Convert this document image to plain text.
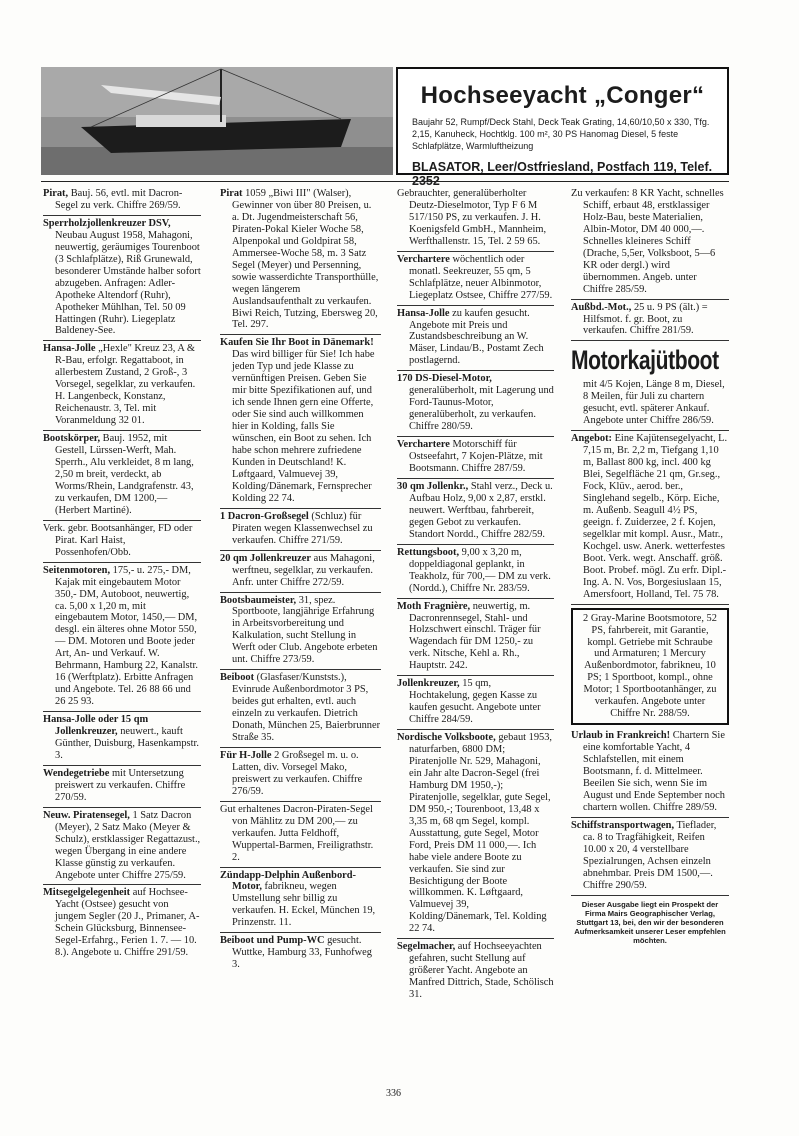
Hochseeyacht „Conger“
Baujahr 52, Rumpf/Deck Stahl, Deck Teak Grating, 14,60/10,50 x 330, Tfg. 2,15, Kanuheck, Hochtklg. 100 m², 30 PS Hanomag Diesel, 5 feste Schlafplätze, Warmluftheizung
BLASATOR, Leer/Ostfriesland, Postfach 119, Telef. 2352
Pirat, Bauj. 56, evtl. mit Dacron-Segel zu verk. Chiffre 269/59.
Sperrholzjollenkreuzer DSV, Neubau August 1958, Mahagoni, neuwertig, geräumiges Tourenboot (3 Schlafplätze), Riß Grunewald, besonderer Umstände halber sofort abzugeben. Anfragen: Adler-Apotheke Altendorf (Ruhr), Apotheker Mühlhan, Tel. 50 09 Hattingen (Ruhr). Liegeplatz Baldeney-See.
Hansa-Jolle „Hexle" Kreuz 23, A & R-Bau, erfolgr. Regattaboot, in allerbestem Zustand, 2 Groß-, 3 Vorsegel, segelklar, zu verkaufen. H. Langenbeck, Konstanz, Reichenaustr. 3, Tel. mit Voranmeldung 32 01.
Bootskörper, Bauj. 1952, mit Gestell, Lürssen-Werft, Mah. Sperrh., Alu verkleidet, 8 m lang, 2,50 m breit, verdeckt, ab Worms/Rhein, Landgrafenstr. 43, zu verkaufen, DM 1200,— (Herbert Martiné).
Verk. gebr. Bootsanhänger, FD oder Pirat. Karl Haist, Possenhofen/Obb.
Seitenmotoren, 175,- u. 275,- DM, Kajak mit eingebautem Motor 350,- DM, Autoboot, neuwertig, ca. 5,00 x 1,20 m, mit eingebautem Motor, 1450,— DM, desgl. ein älteres ohne Motor 550,— DM. Motoren und Boote jeder Art, An- und Verkauf. W. Behrmann, Hamburg 22, Kanalstr. 16 (Werftplatz). Erbitte Anfragen und Angebote. Tel. 26 88 66 und 26 25 93.
Hansa-Jolle oder 15 qm Jollenkreuzer, neuwert., kauft Günther, Duisburg, Hasenkampstr. 3.
Wendegetriebe mit Untersetzung preiswert zu verkaufen. Chiffre 270/59.
Neuw. Piratensegel, 1 Satz Dacron (Meyer), 2 Satz Mako (Meyer & Schulz), erstklassiger Regattazust., wegen Übergang in eine andere Klasse günstig zu verkaufen. Angebote unter Chiffre 275/59.
Mitsegelgelegenheit auf Hochsee-Yacht (Ostsee) gesucht von jungem Segler (20 J., Primaner, A-Schein Glücksburg, Binnensee-Segel-Erfahrg., Ferien 1. 7. — 10. 8.). Angebote u. Chiffre 291/59.
Pirat 1059 „Biwi III" (Walser), Gewinner von über 80 Preisen, u. a. Dt. Jugendmeisterschaft 56, Piraten-Pokal Kieler Woche 58, Alpenpokal und Goldpirat 58, Ammersee-Woche 58, m. 3 Satz Segel (Meyer) und Persenning, sowie wasserdichte Transporthülle, wegen längerem Auslandsaufenthalt zu verkaufen. Biwi Reich, Tutzing, Ebersweg 20, Tel. 297.
Kaufen Sie Ihr Boot in Dänemark! Das wird billiger für Sie! Ich habe jeden Typ und jede Klasse zu vernünftigen Preisen. Geben Sie mir bitte Spezifikationen auf, und ich sende Ihnen gern eine Offerte, oder Sie sind auch willkommen hier in Kolding, falls Sie wünschen, ein Boot zu sehen. Ich habe schon mehrere zufriedene Kunden in Deutschland! K. Løftgaard, Valmuevej 39, Kolding/Dänemark, Fernsprecher Kolding 22 74.
1 Dacron-Großsegel (Schluz) für Piraten wegen Klassenwechsel zu verkaufen. Chiffre 271/59.
20 qm Jollenkreuzer aus Mahagoni, werftneu, segelklar, zu verkaufen. Anfr. unter Chiffre 272/59.
Bootsbaumeister, 31, spez. Sportboote, langjährige Erfahrung in Arbeitsvorbereitung und Kalkulation, sucht Stellung in Werft oder Club. Angebote erbeten unt. Chiffre 273/59.
Beiboot (Glasfaser/Kunststs.), Evinrude Außenbordmotor 3 PS, beides gut erhalten, evtl. auch einzeln zu verkaufen. Dietrich Donath, München 25, Baierbrunner Straße 35.
Für H-Jolle 2 Großsegel m. u. o. Latten, div. Vorsegel Mako, preiswert zu verkaufen. Chiffre 276/59.
Gut erhaltenes Dacron-Piraten-Segel von Mählitz zu DM 200,— zu verkaufen. Jutta Feldhoff, Wuppertal-Barmen, Freiligrathstr. 2.
Zündapp-Delphin Außenbord-Motor, fabrikneu, wegen Umstellung sehr billig zu verkaufen. H. Eckel, München 19, Prinzenstr. 11.
Beiboot und Pump-WC gesucht. Wuttke, Hamburg 33, Funhofweg 3.
Gebrauchter, generalüberholter Deutz-Dieselmotor, Typ F 6 M 517/150 PS, zu verkaufen. J. H. Koenigsfeld GmbH., Mannheim, Werfthallenstr. 15, Tel. 2 59 65.
Verchartere wöchentlich oder monatl. Seekreuzer, 55 qm, 5 Schlafplätze, neuer Albinmotor, Liegeplatz Ostsee, Chiffre 277/59.
Hansa-Jolle zu kaufen gesucht. Angebote mit Preis und Zustandsbeschreibung an W. Mäser, Lindau/B., Postamt Zech postlagernd.
170 DS-Diesel-Motor, generalüberholt, mit Lagerung und Ford-Taunus-Motor, generalüberholt, zu verkaufen. Chiffre 280/59.
Verchartere Motorschiff für Ostseefahrt, 7 Kojen-Plätze, mit Bootsmann. Chiffre 287/59.
30 qm Jollenkr., Stahl verz., Deck u. Aufbau Holz, 9,00 x 2,87, erstkl. neuwert. Werftbau, fahrbereit, gegen Gebot zu verkaufen. Standort Nordd., Chiffre 282/59.
Rettungsboot, 9,00 x 3,20 m, doppeldiagonal geplankt, in Teakholz, für 700,— DM zu verk. (Nordd.), Chiffre Nr. 283/59.
Moth Fragnière, neuwertig, m. Dacronrennsegel, Stahl- und Holzschwert einschl. Träger für Wagendach für DM 1250,- zu verk. Nitsche, Kehl a. Rh., Hauptstr. 242.
Jollenkreuzer, 15 qm, Hochtakelung, gegen Kasse zu kaufen gesucht. Angebote unter Chiffre 284/59.
Nordische Volksboote, gebaut 1953, naturfarben, 6800 DM; Piratenjolle Nr. 529, Mahagoni, ein Jahr alte Dacron-Segel (frei Hamburg DM 1950,-); Piratenjolle, segelklar, gute Segel, DM 950,-; Tourenboot, 13,48 x 3,35 m, 68 qm Segel, kompl. Ausstattung, gute Segel, Motor Ford, Preis DM 11 000,—. Ich habe viele andere Boote zu verkaufen. Sie sind zur Besichtigung der Boote willkommen. K. Løftgaard, Valmuevej 39, Kolding/Dänemark, Tel. Kolding 22 74.
Segelmacher, auf Hochseeyachten gefahren, sucht Stellung auf größerer Yacht. Angebote an Manfred Dittrich, Stade, Schölisch 31.
Zu verkaufen: 8 KR Yacht, schnelles Schiff, erbaut 48, erstklassiger Holz-Bau, beste Materialien, Albin-Motor, DM 40 000,—. Schnelles kleineres Schiff (Drache, 5,5er, Volksboot, 5—6 KR oder dergl.) wird übernommen. Angeb. unter Chiffre 285/59.
Außbd.-Mot., 25 u. 9 PS (ält.) = Hilfsmot. f. gr. Boot, zu verkaufen. Chiffre 281/59.
Motorkajütboot
mit 4/5 Kojen, Länge 8 m, Diesel, 8 Meilen, für Juli zu chartern gesucht, evtl. späterer Ankauf. Angebote unter Chiffre 286/59.
Angebot: Eine Kajütensegelyacht, L. 7,15 m, Br. 2,2 m, Tiefgang 1,10 m, Ballast 800 kg, incl. 400 kg Blei, Segelfläche 21 qm, Gr.seg., Fock, Klüv., aerod. ber., Singlehand segelb., Körp. Eiche, m. Außenb. Seagull 4½ PS, geeign. f. Zuiderzee, 2 f. Kojen, segelklar mit kompl. Ausr., Matr., Kochgel. usw. Anerk. wetterfestes Boot. Verk. wegt. Anschaff. größ. Boot. Probef. mögl. Zu erfr. Dipl.-Ing. A. N. Vos, Borgesiuslaan 15, Amersfoort, Holland, Tel. 75 78.
2 Gray-Marine Bootsmotore, 52 PS, fahrbereit, mit Garantie, kompl. Getriebe mit Schraube und Armaturen; 1 Mercury Außenbordmotor, fabrikneu, 10 PS; 1 Sportboot, kompl., ohne Motor; 1 Sportbootanhänger, zu verkaufen. Angebote unter Chiffre Nr. 288/59.
Urlaub in Frankreich! Chartern Sie eine komfortable Yacht, 4 Schlafstellen, mit einem Bootsmann, f. d. Mittelmeer. Beeilen Sie sich, wenn Sie im August und Ende September noch chartern wollen. Chiffre 289/59.
Schiffstransportwagen, Tieflader, ca. 8 to Tragfähigkeit, Reifen 10.00 x 20, 4 verstellbare Spezialrungen, Achsen einzeln abnehmbar. Preis DM 1500,—. Chiffre 290/59.
Dieser Ausgabe liegt ein Prospekt der Firma Mairs Geographischer Verlag, Stuttgart 13, bei, den wir der besonderen Aufmerksamkeit unserer Leser empfehlen möchten.
336
